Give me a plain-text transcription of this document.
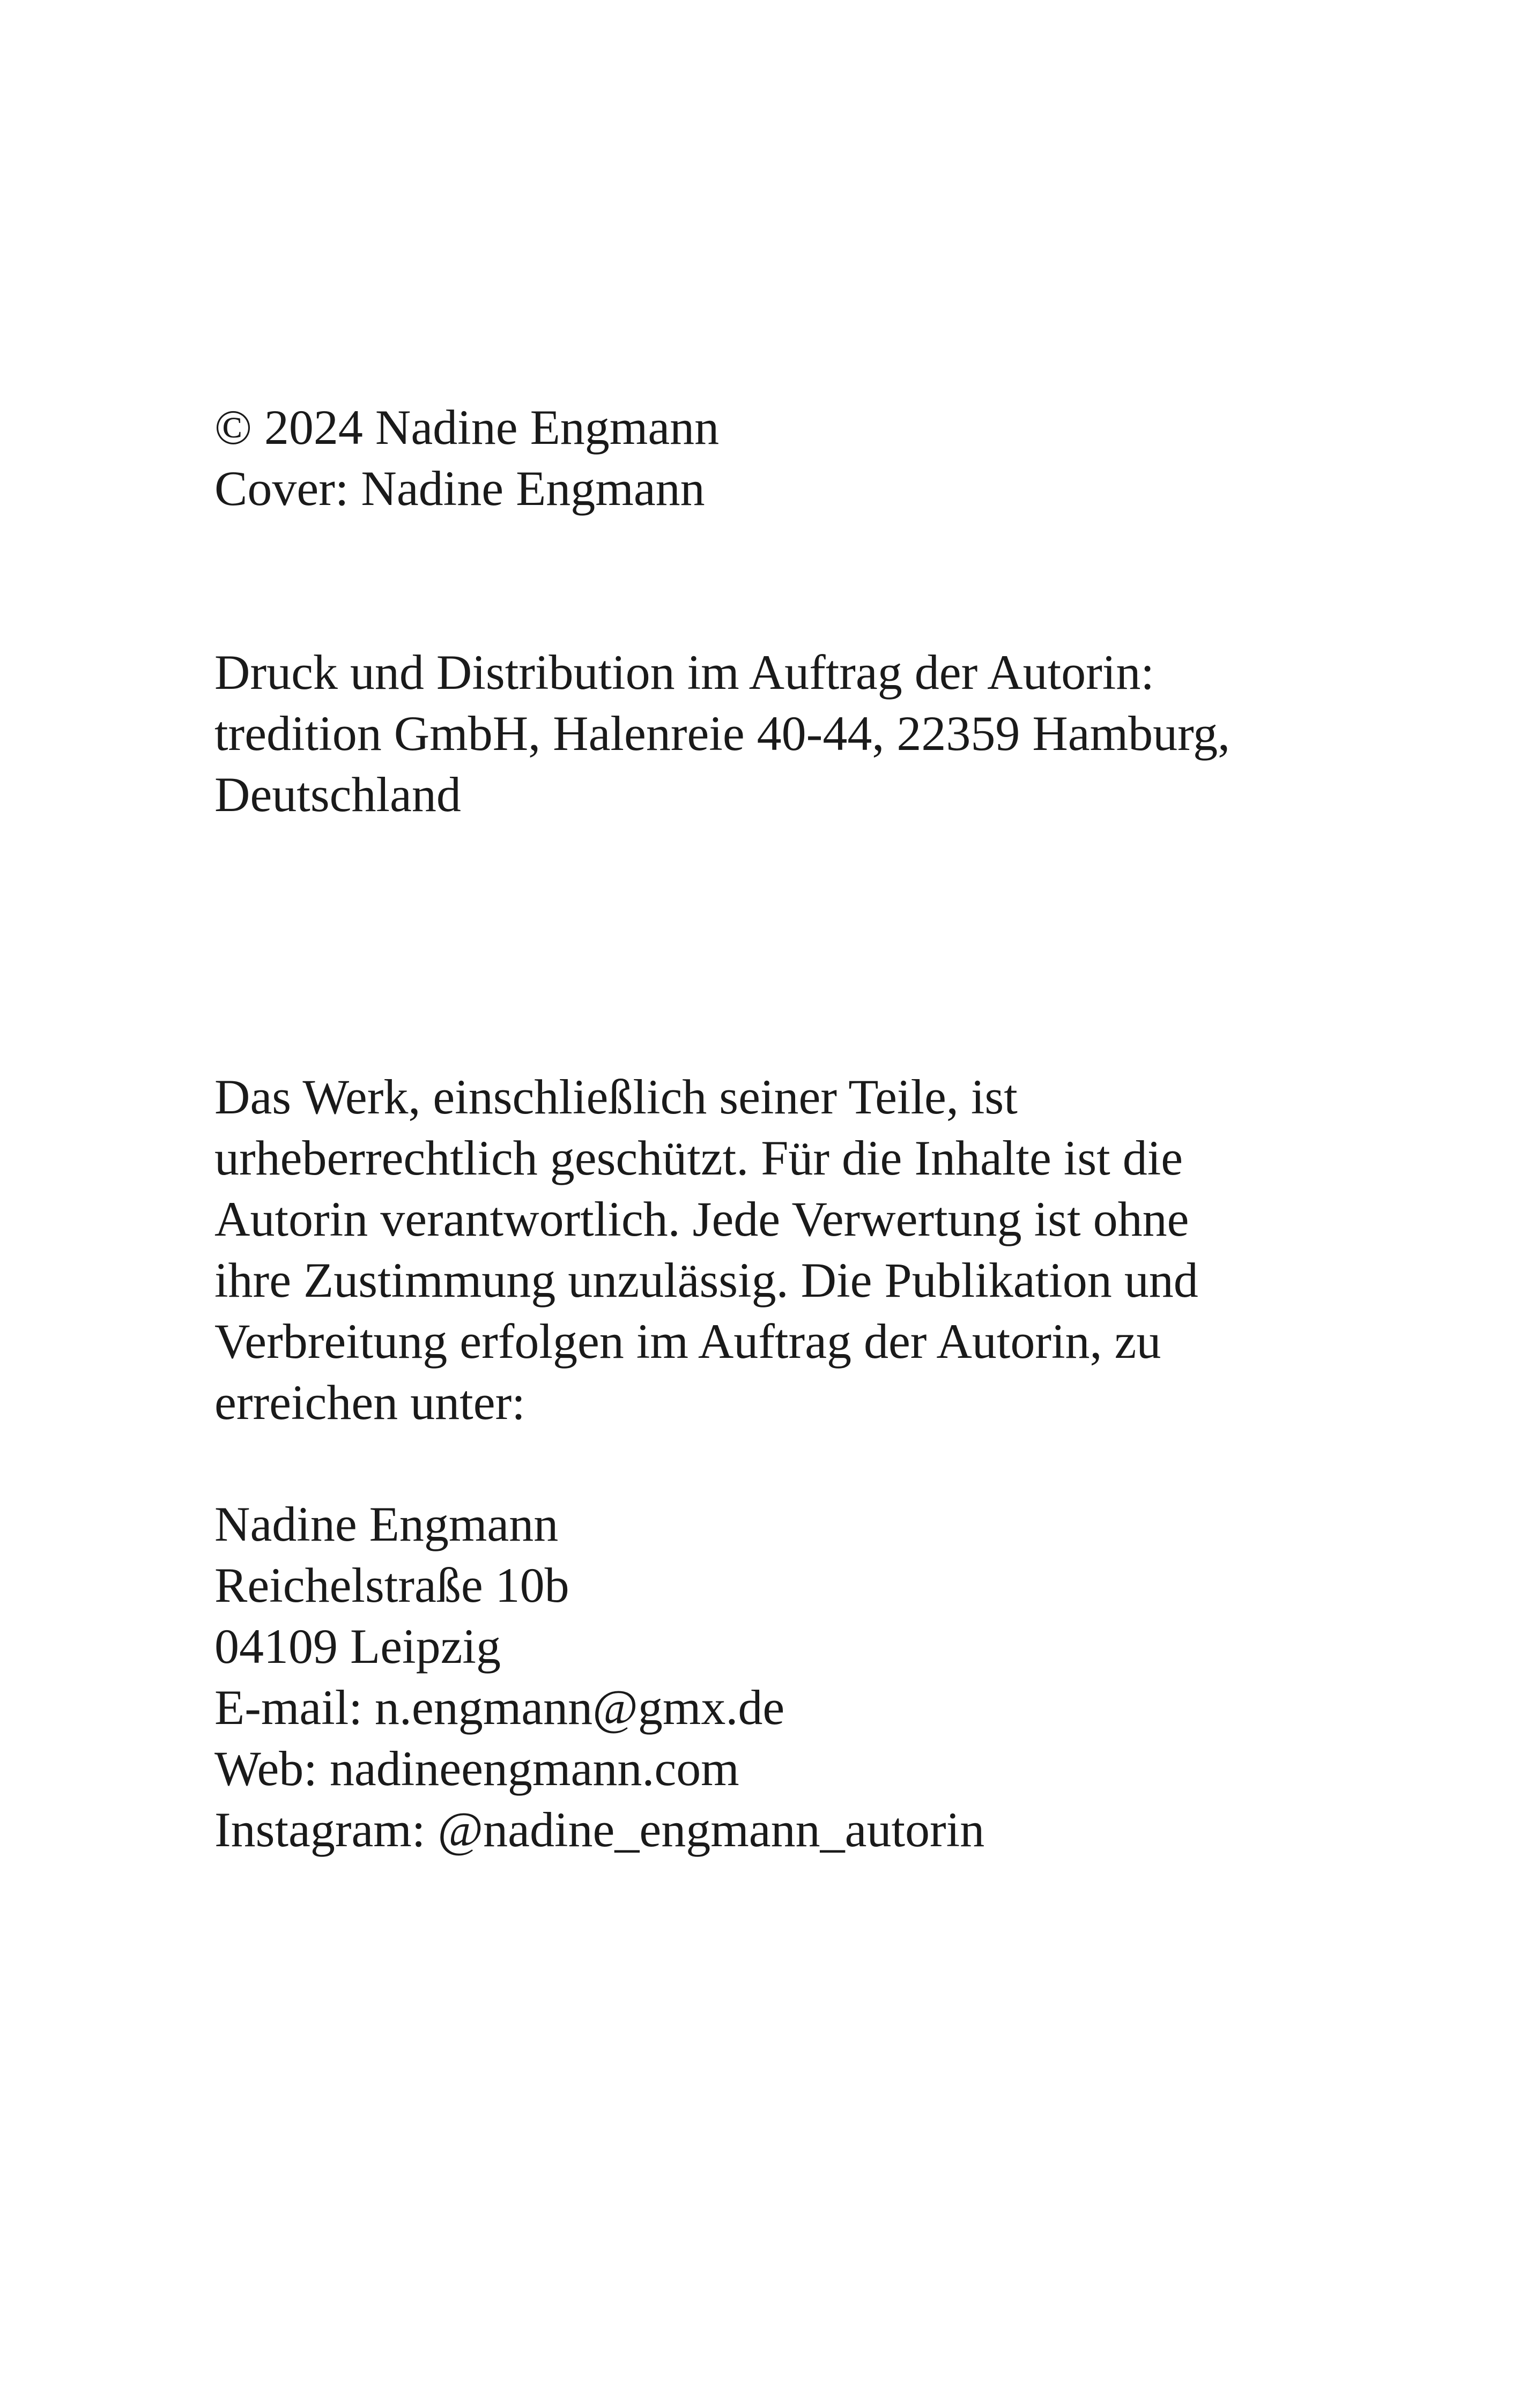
© 2024 Nadine Engmann
Cover: Nadine Engmann
Druck und Distribution im Auftrag der Autorin:
tredition GmbH, Halenreie 40-44, 22359 Hamburg,
Deutschland
Das Werk, einschließlich seiner Teile, ist
urheberrechtlich geschützt. Für die Inhalte ist die
Autorin verantwortlich. Jede Verwertung ist ohne
ihre Zustimmung unzulässig. Die Publikation und
Verbreitung erfolgen im Auftrag der Autorin, zu
erreichen unter:
Nadine Engmann
Reichelstraße 10b
04109 Leipzig
E-mail: n.engmann@gmx.de
Web: nadineengmann.com
Instagram: @nadine_engmann_autorin
